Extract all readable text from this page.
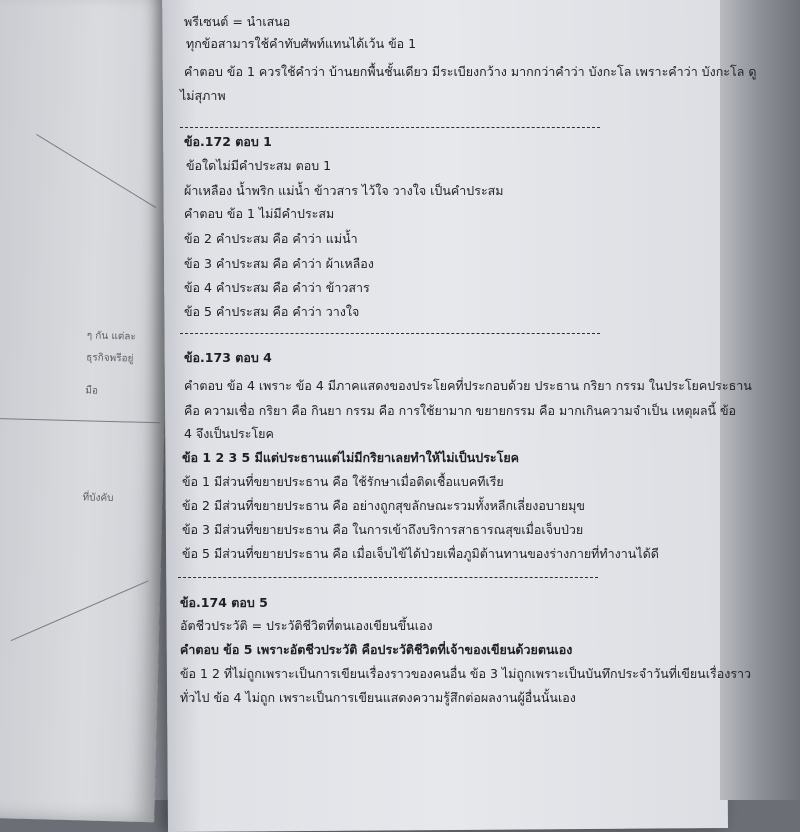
ๆ กัน แต่ละ
ธุรกิจพรีอยู่
มือ
ที่บังคับ
พรีเซนต์ = นำเสนอ
ทุกข้อสามารใช้คำทับศัพท์แทนได้เว้น ข้อ 1
คำตอบ ข้อ 1 ควรใช้คำว่า บ้านยกพื้นชั้นเดียว มีระเบียงกว้าง มากกว่าคำว่า บังกะโล เพราะคำว่า บังกะโล ดู
ไม่สุภาพ
ข้อ.172 ตอบ 1
ข้อใดไม่มีคำประสม ตอบ 1
ผ้าเหลือง น้ำพริก แม่น้ำ ข้าวสาร ไว้ใจ วางใจ เป็นคำประสม
คำตอบ ข้อ 1 ไม่มีคำประสม
ข้อ 2 คำประสม คือ คำว่า แม่น้ำ
ข้อ 3 คำประสม คือ คำว่า ผ้าเหลือง
ข้อ 4 คำประสม คือ คำว่า ข้าวสาร
ข้อ 5 คำประสม คือ คำว่า วางใจ
ข้อ.173 ตอบ 4
คำตอบ ข้อ 4 เพราะ ข้อ 4 มีภาคแสดงของประโยคที่ประกอบด้วย ประธาน กริยา กรรม ในประโยคประธาน
คือ ความเชื่อ กริยา คือ กินยา กรรม คือ การใช้ยามาก ขยายกรรม คือ มากเกินความจำเป็น เหตุผลนี้ ข้อ
4 จึงเป็นประโยค
ข้อ 1 2 3 5 มีแต่ประธานแต่ไม่มีกริยาเลยทำให้ไม่เป็นประโยค
ข้อ 1 มีส่วนที่ขยายประธาน คือ ใช้รักษาเมื่อติดเชื้อแบคทีเรีย
ข้อ 2 มีส่วนที่ขยายประธาน คือ อย่างถูกสุขลักษณะรวมทั้งหลีกเลี่ยงอบายมุข
ข้อ 3 มีส่วนที่ขยายประธาน คือ ในการเข้าถึงบริการสาธารณสุขเมื่อเจ็บป่วย
ข้อ 5 มีส่วนที่ขยายประธาน คือ เมื่อเจ็บไข้ได้ป่วยเพื่อภูมิต้านทานของร่างกายที่ทำงานได้ดี
ข้อ.174 ตอบ 5
อัตชีวประวัติ = ประวัติชีวิตที่ตนเองเขียนขึ้นเอง
คำตอบ ข้อ 5 เพราะอัตชีวประวัติ คือประวัติชีวิตที่เจ้าของเขียนด้วยตนเอง
ข้อ 1 2 ที่ไม่ถูกเพราะเป็นการเขียนเรื่องราวของคนอื่น ข้อ 3 ไม่ถูกเพราะเป็นบันทึกประจำวันที่เขียนเรื่องราว
ทั่วไป ข้อ 4 ไม่ถูก เพราะเป็นการเขียนแสดงความรู้สึกต่อผลงานผู้อื่นนั้นเอง
